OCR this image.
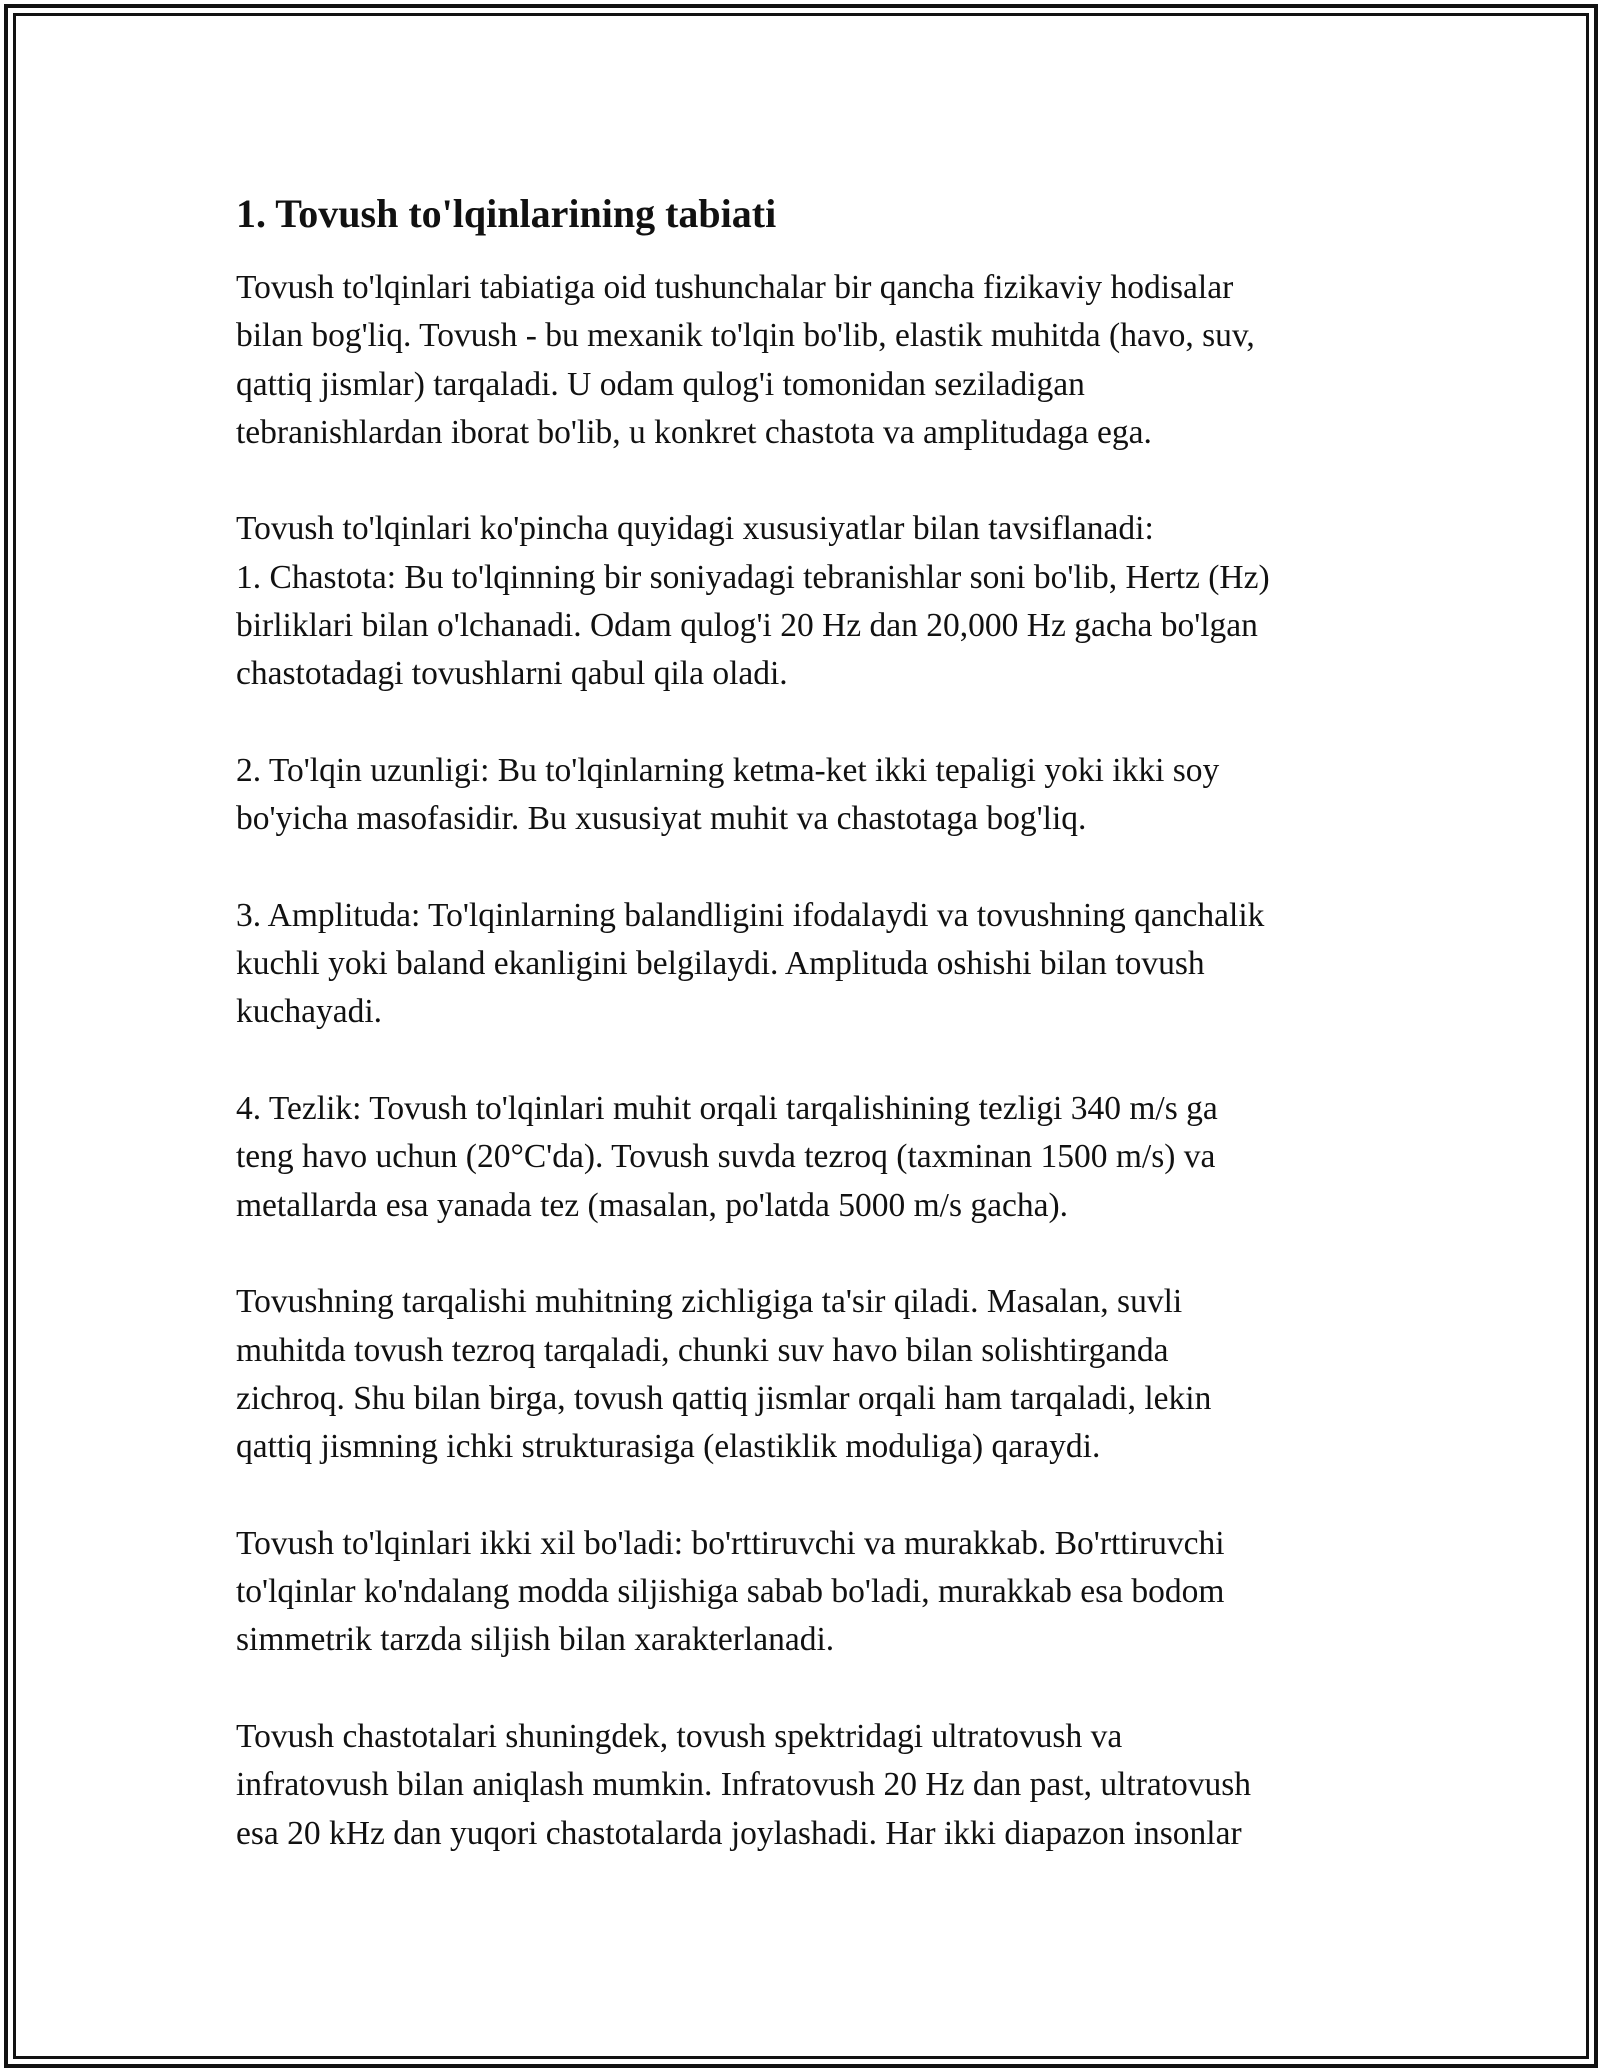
1. Tovush to'lqinlarining tabiati
Tovush to'lqinlari tabiatiga oid tushunchalar bir qancha fizikaviy hodisalar
bilan bog'liq. Tovush - bu mexanik to'lqin bo'lib, elastik muhitda (havo, suv,
qattiq jismlar) tarqaladi. U odam qulog'i tomonidan seziladigan
tebranishlardan iborat bo'lib, u konkret chastota va amplitudaga ega.
Tovush to'lqinlari ko'pincha quyidagi xususiyatlar bilan tavsiflanadi:
1. Chastota: Bu to'lqinning bir soniyadagi tebranishlar soni bo'lib, Hertz (Hz)
birliklari bilan o'lchanadi. Odam qulog'i 20 Hz dan 20,000 Hz gacha bo'lgan
chastotadagi tovushlarni qabul qila oladi.
2. To'lqin uzunligi: Bu to'lqinlarning ketma-ket ikki tepaligi yoki ikki soy
bo'yicha masofasidir. Bu xususiyat muhit va chastotaga bog'liq.
3. Amplituda: To'lqinlarning balandligini ifodalaydi va tovushning qanchalik
kuchli yoki baland ekanligini belgilaydi. Amplituda oshishi bilan tovush
kuchayadi.
4. Tezlik: Tovush to'lqinlari muhit orqali tarqalishining tezligi 340 m/s ga
teng havo uchun (20°C'da). Tovush suvda tezroq (taxminan 1500 m/s) va
metallarda esa yanada tez (masalan, po'latda 5000 m/s gacha).
Tovushning tarqalishi muhitning zichligiga ta'sir qiladi. Masalan, suvli
muhitda tovush tezroq tarqaladi, chunki suv havo bilan solishtirganda
zichroq. Shu bilan birga, tovush qattiq jismlar orqali ham tarqaladi, lekin
qattiq jismning ichki strukturasiga (elastiklik moduliga) qaraydi.
Tovush to'lqinlari ikki xil bo'ladi: bo'rttiruvchi va murakkab. Bo'rttiruvchi
to'lqinlar ko'ndalang modda siljishiga sabab bo'ladi, murakkab esa bodom
simmetrik tarzda siljish bilan xarakterlanadi.
Tovush chastotalari shuningdek, tovush spektridagi ultratovush va
infratovush bilan aniqlash mumkin. Infratovush 20 Hz dan past, ultratovush
esa 20 kHz dan yuqori chastotalarda joylashadi. Har ikki diapazon insonlar
